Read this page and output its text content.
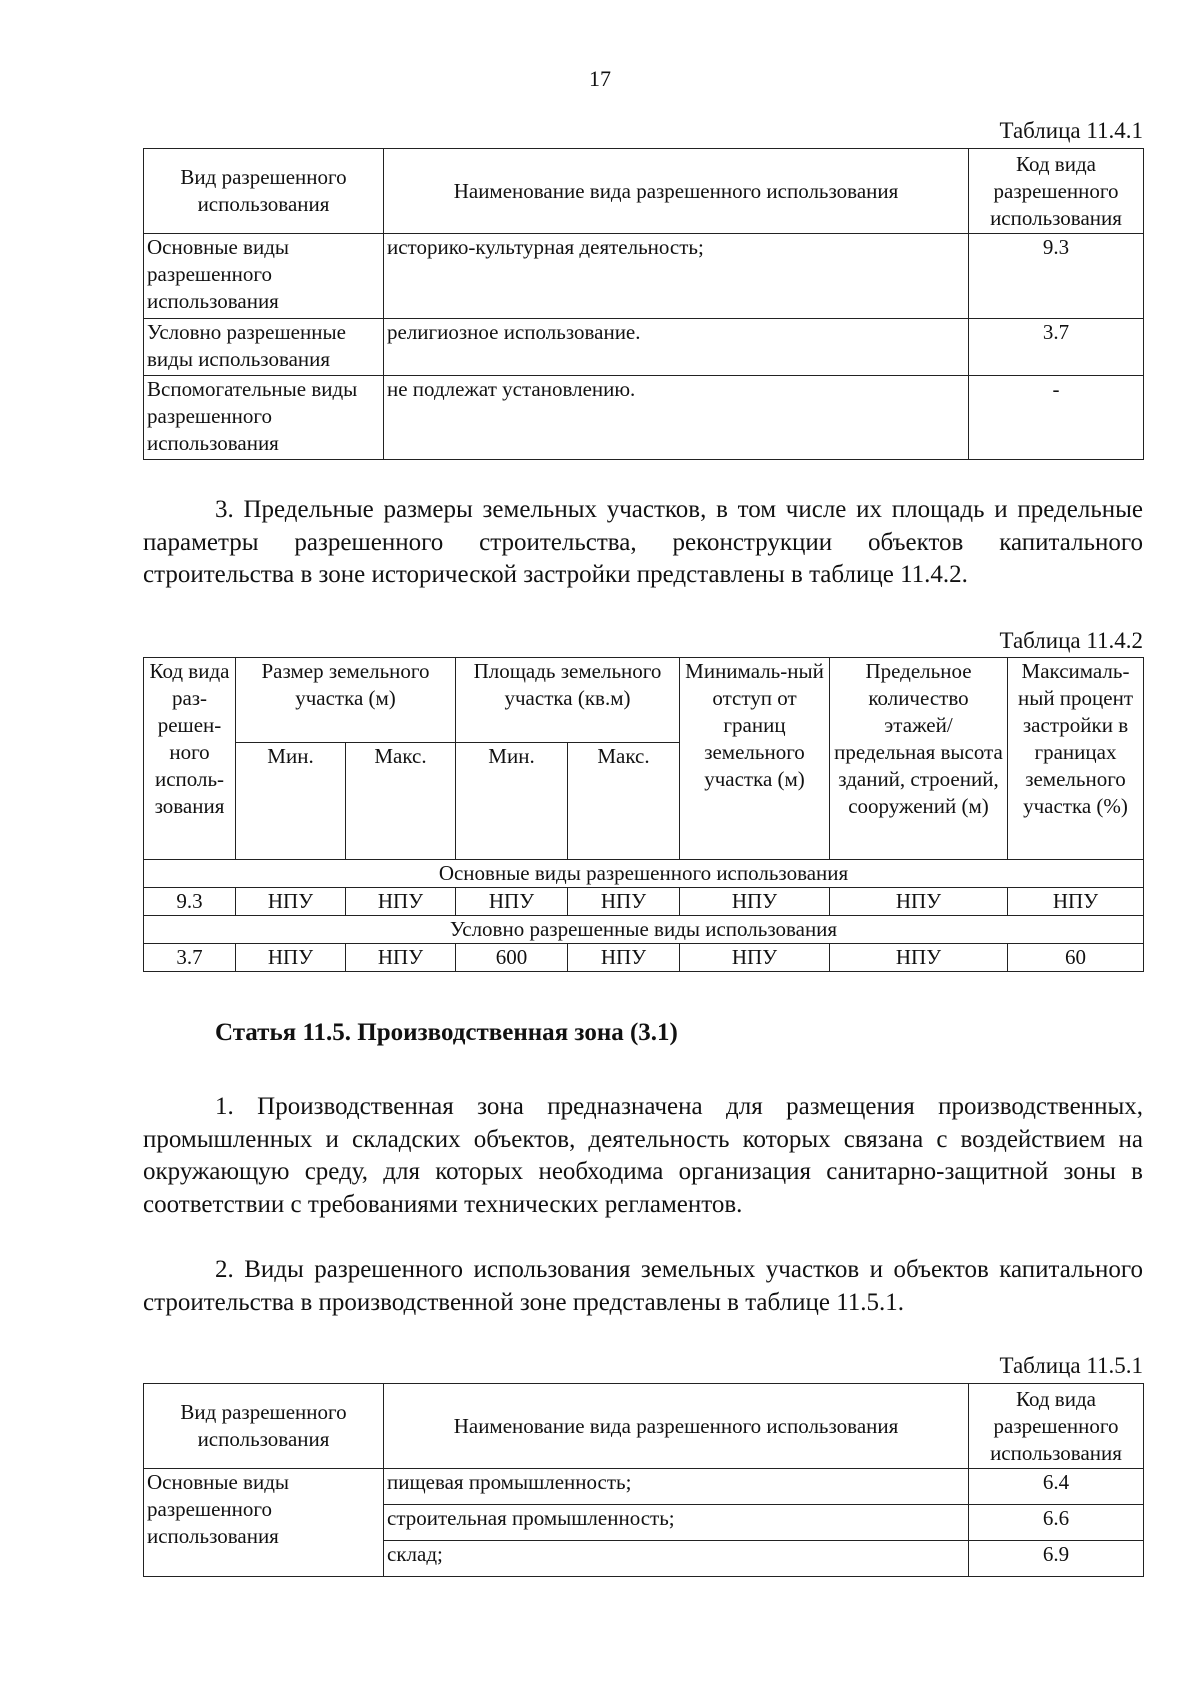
17
Таблица 11.4.1
Вид разрешенного использования	Наименование вида разрешенного использования	Код вида разрешенного использования
Основные виды разрешенного использования	историко-культурная деятельность;	9.3
Условно разрешенные виды использования	религиозное использование.	3.7
Вспомогательные виды разрешенного использования	не подлежат установлению.	-
3. Предельные размеры земельных участков, в том числе их площадь и предельные параметры разрешенного строительства, реконструкции объектов капитального строительства в зоне исторической застройки представлены в таблице 11.4.2.
Таблица 11.4.2
Код вида раз-решен-ного исполь-зования	Размер земельного участка (м)		Площадь земельного участка (кв.м)		Минималь-ный отступ от границ земельного участка (м)	Предельное количество этажей/ предельная высота зданий, строений, сооружений (м)	Максималь-ный процент застройки в границах земельного участка (%)
	Мин.	Макс.	Мин.	Макс.			
Основные виды разрешенного использования							
9.3	НПУ	НПУ	НПУ	НПУ	НПУ	НПУ	НПУ
Условно разрешенные виды использования							
3.7	НПУ	НПУ	600	НПУ	НПУ	НПУ	60
Статья 11.5. Производственная зона (3.1)
1. Производственная зона предназначена для размещения производственных, промышленных и складских объектов, деятельность которых связана с воздействием на окружающую среду, для которых необходима организация санитарно-защитной зоны в соответствии с требованиями технических регламентов.
2. Виды разрешенного использования земельных участков и объектов капитального строительства в производственной зоне представлены в таблице 11.5.1.
Таблица 11.5.1
Вид разрешенного использования	Наименование вида разрешенного использования	Код вида разрешенного использования
Основные виды разрешенного использования	пищевая промышленность;	6.4
	строительная промышленность;	6.6
	склад;	6.9
